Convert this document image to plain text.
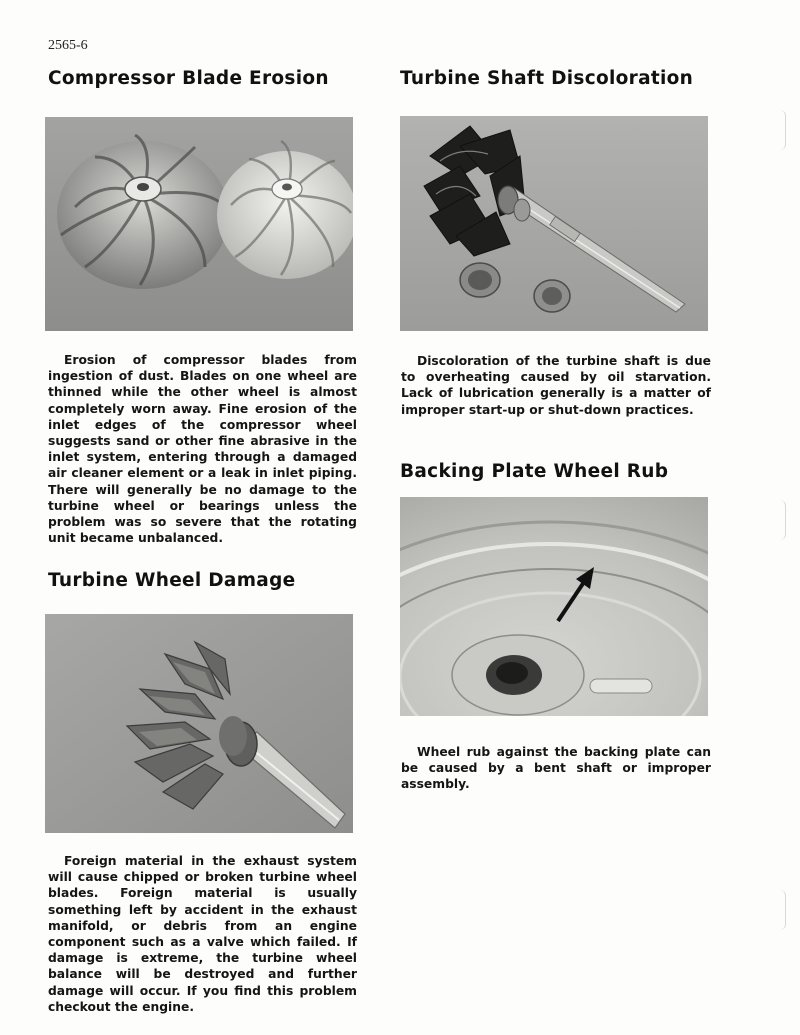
2565-6
Compressor Blade Erosion

Erosion of compressor blades from ingestion of dust. Blades on one wheel are thinned while the other wheel is almost completely worn away. Fine erosion of the inlet edges of the compressor wheel suggests sand or other fine abrasive in the inlet system, entering through a damaged air cleaner element or a leak in inlet piping. There will generally be no damage to the turbine wheel or bearings unless the problem was so severe that the rotating unit became unbalanced.

Turbine Wheel Damage

Foreign material in the exhaust system will cause chipped or broken turbine wheel blades. Foreign material is usually something left by accident in the exhaust manifold, or debris from an engine component such as a valve which failed. If damage is extreme, the turbine wheel balance will be destroyed and further damage will occur. If you find this problem checkout the engine.

Turbine Shaft Discoloration

Discoloration of the turbine shaft is due to overheating caused by oil starvation. Lack of lubrication generally is a matter of improper start-up or shut-down practices.

Backing Plate Wheel Rub

Wheel rub against the backing plate can be caused by a bent shaft or improper assembly.
